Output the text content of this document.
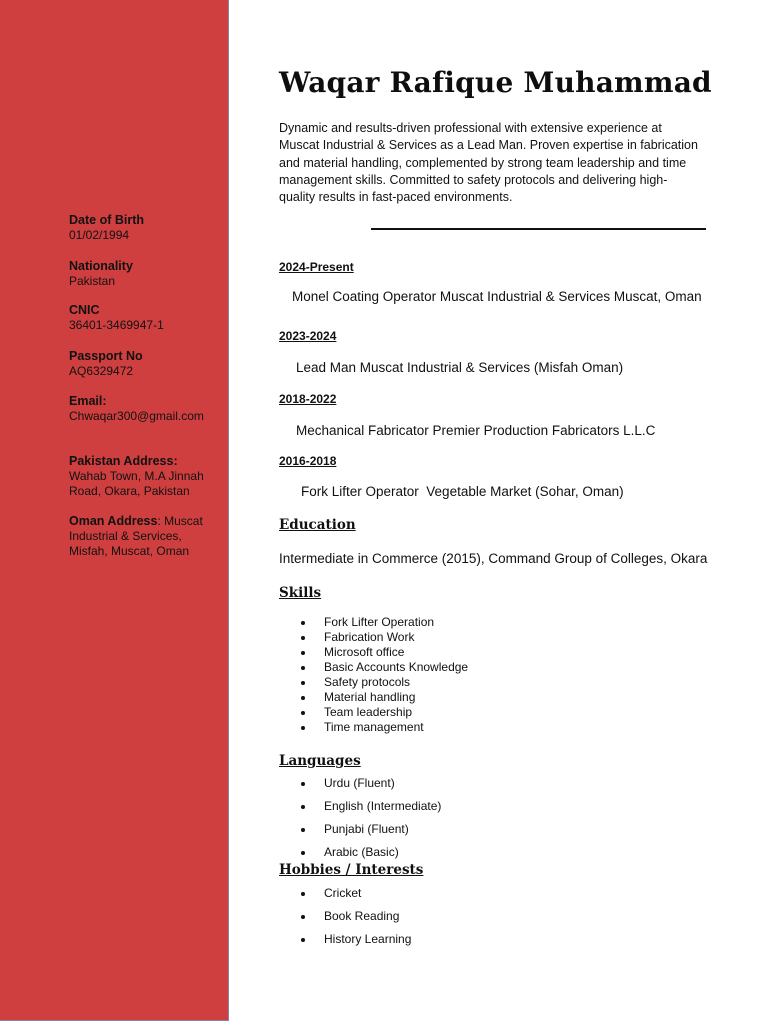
Date of Birth
01/02/1994
Nationality
Pakistan
CNIC
36401-3469947-1
Passport No
AQ6329472
Email:
Chwaqar300@gmail.com
Pakistan Address:
Wahab Town, M.A Jinnah Road, Okara, Pakistan
Oman Address: Muscat Industrial & Services, Misfah, Muscat, Oman
Waqar Rafique Muhammad
Dynamic and results-driven professional with extensive experience at Muscat Industrial & Services as a Lead Man. Proven expertise in fabrication and material handling, complemented by strong team leadership and time management skills. Committed to safety protocols and delivering high-quality results in fast-paced environments.
2024-Present
Monel Coating Operator Muscat Industrial & Services Muscat, Oman
2023-2024
Lead Man Muscat Industrial & Services (Misfah Oman)
2018-2022
Mechanical Fabricator Premier Production Fabricators L.L.C
2016-2018
Fork Lifter Operator  Vegetable Market (Sohar, Oman)
Education
Intermediate in Commerce (2015), Command Group of Colleges, Okara
Skills
Fork Lifter Operation
Fabrication Work
Microsoft office
Basic Accounts Knowledge
Safety protocols
Material handling
Team leadership
Time management
Languages
Urdu (Fluent)
English (Intermediate)
Punjabi (Fluent)
Arabic (Basic)
Hobbies / Interests
Cricket
Book Reading
History Learning
